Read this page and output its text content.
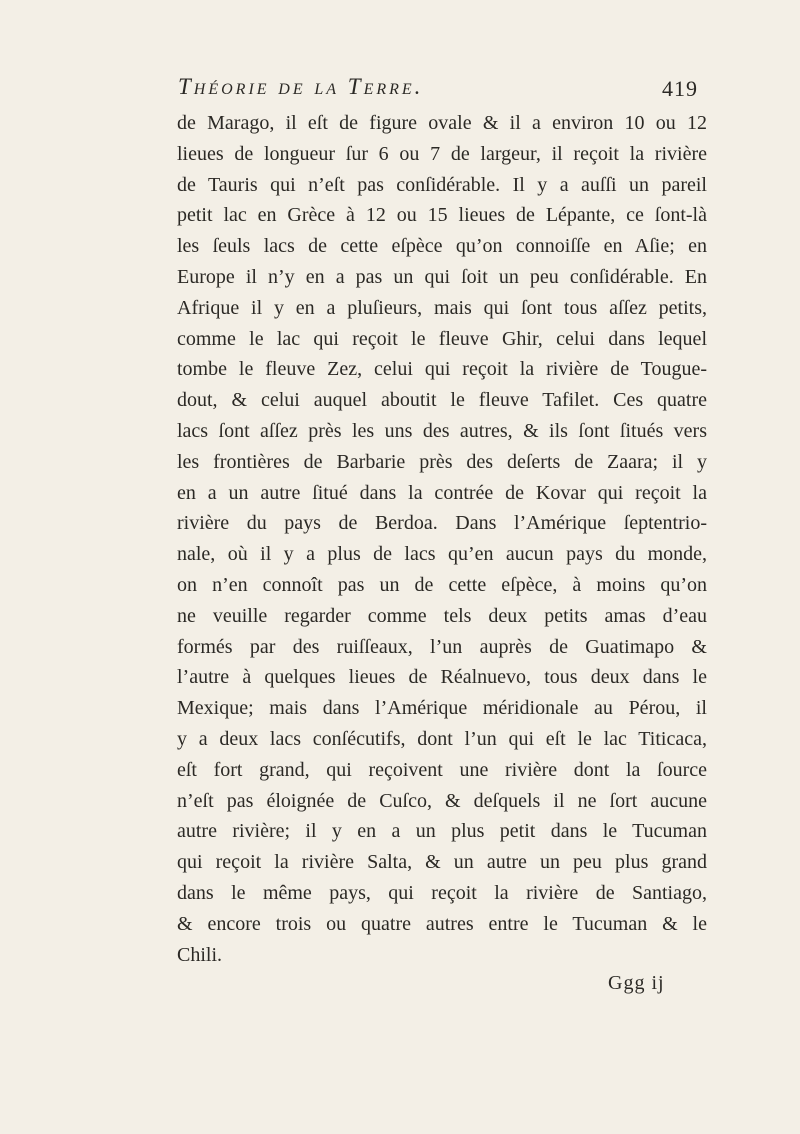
Théorie de la Terre.	419
de Marago, il eſt de figure ovale & il a environ 10 ou 12
lieues de longueur ſur 6 ou 7 de largeur, il reçoit la rivière
de Tauris qui n’eſt pas conſidérable. Il y a auſſi un pareil
petit lac en Grèce à 12 ou 15 lieues de Lépante, ce ſont-là
les ſeuls lacs de cette eſpèce qu’on connoiſſe en Aſie; en
Europe il n’y en a pas un qui ſoit un peu conſidérable. En
Afrique il y en a pluſieurs, mais qui ſont tous aſſez petits,
comme le lac qui reçoit le fleuve Ghir, celui dans lequel
tombe le fleuve Zez, celui qui reçoit la rivière de Tougue-
dout, & celui auquel aboutit le fleuve Tafilet. Ces quatre
lacs ſont aſſez près les uns des autres, & ils ſont ſitués vers
les frontières de Barbarie près des deſerts de Zaara; il y
en a un autre ſitué dans la contrée de Kovar qui reçoit la
rivière du pays de Berdoa. Dans l’Amérique ſeptentrio-
nale, où il y a plus de lacs qu’en aucun pays du monde,
on n’en connoît pas un de cette eſpèce, à moins qu’on
ne veuille regarder comme tels deux petits amas d’eau
formés par des ruiſſeaux, l’un auprès de Guatimapo &
l’autre à quelques lieues de Réalnuevo, tous deux dans le
Mexique; mais dans l’Amérique méridionale au Pérou, il
y a deux lacs conſécutifs, dont l’un qui eſt le lac Titicaca,
eſt fort grand, qui reçoivent une rivière dont la ſource
n’eſt pas éloignée de Cuſco, & deſquels il ne ſort aucune
autre rivière; il y en a un plus petit dans le Tucuman
qui reçoit la rivière Salta, & un autre un peu plus grand
dans le même pays, qui reçoit la rivière de Santiago,
& encore trois ou quatre autres entre le Tucuman & le
Chili.
Ggg ij
